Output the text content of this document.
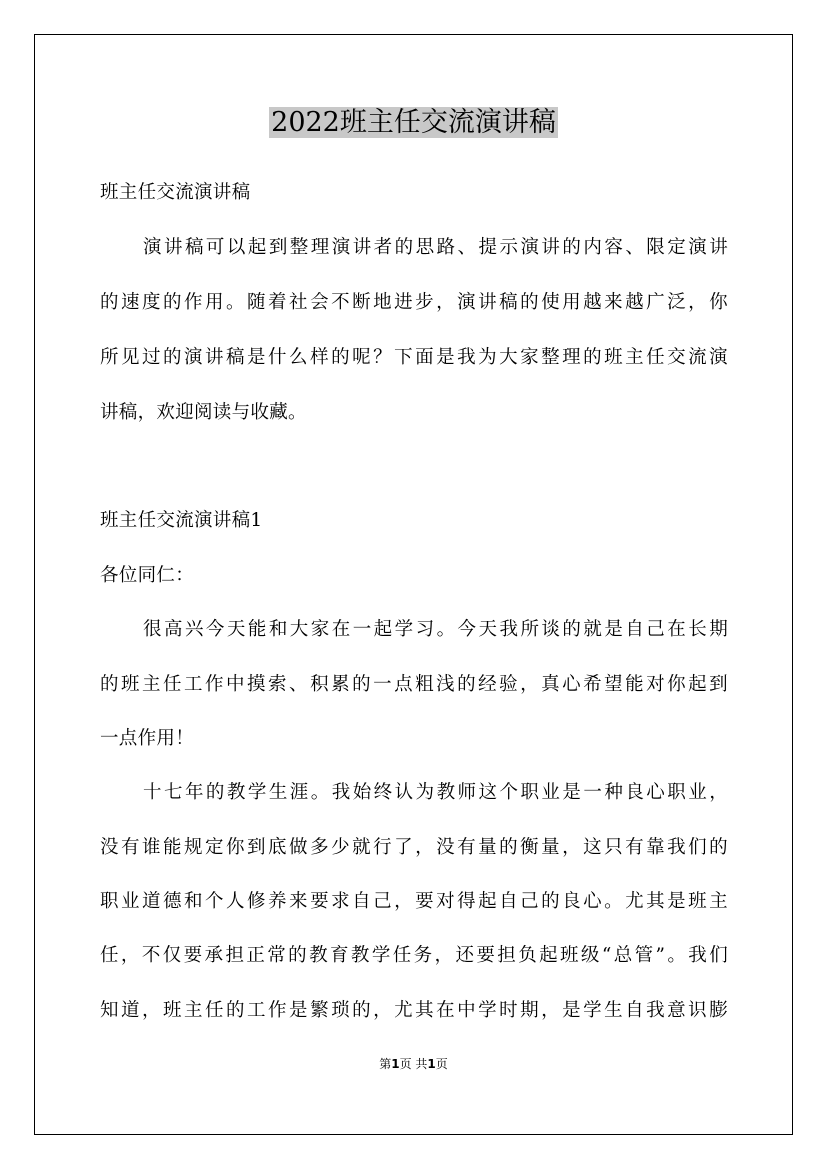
2022班主任交流演讲稿
班主任交流演讲稿
演讲稿可以起到整理演讲者的思路、提示演讲的内容、限定演讲
的速度的作用。随着社会不断地进步，演讲稿的使用越来越广泛，你
所见过的演讲稿是什么样的呢？下面是我为大家整理的班主任交流演
讲稿，欢迎阅读与收藏。
班主任交流演讲稿1
各位同仁：
很高兴今天能和大家在一起学习。今天我所谈的就是自己在长期
的班主任工作中摸索、积累的一点粗浅的经验，真心希望能对你起到
一点作用！
十七年的教学生涯。我始终认为教师这个职业是一种良心职业，
没有谁能规定你到底做多少就行了，没有量的衡量，这只有靠我们的
职业道德和个人修养来要求自己，要对得起自己的良心。尤其是班主
任，不仅要承担正常的教育教学任务，还要担负起班级“总管”。我们
知道，班主任的工作是繁琐的，尤其在中学时期，是学生自我意识膨
第1页 共1页
